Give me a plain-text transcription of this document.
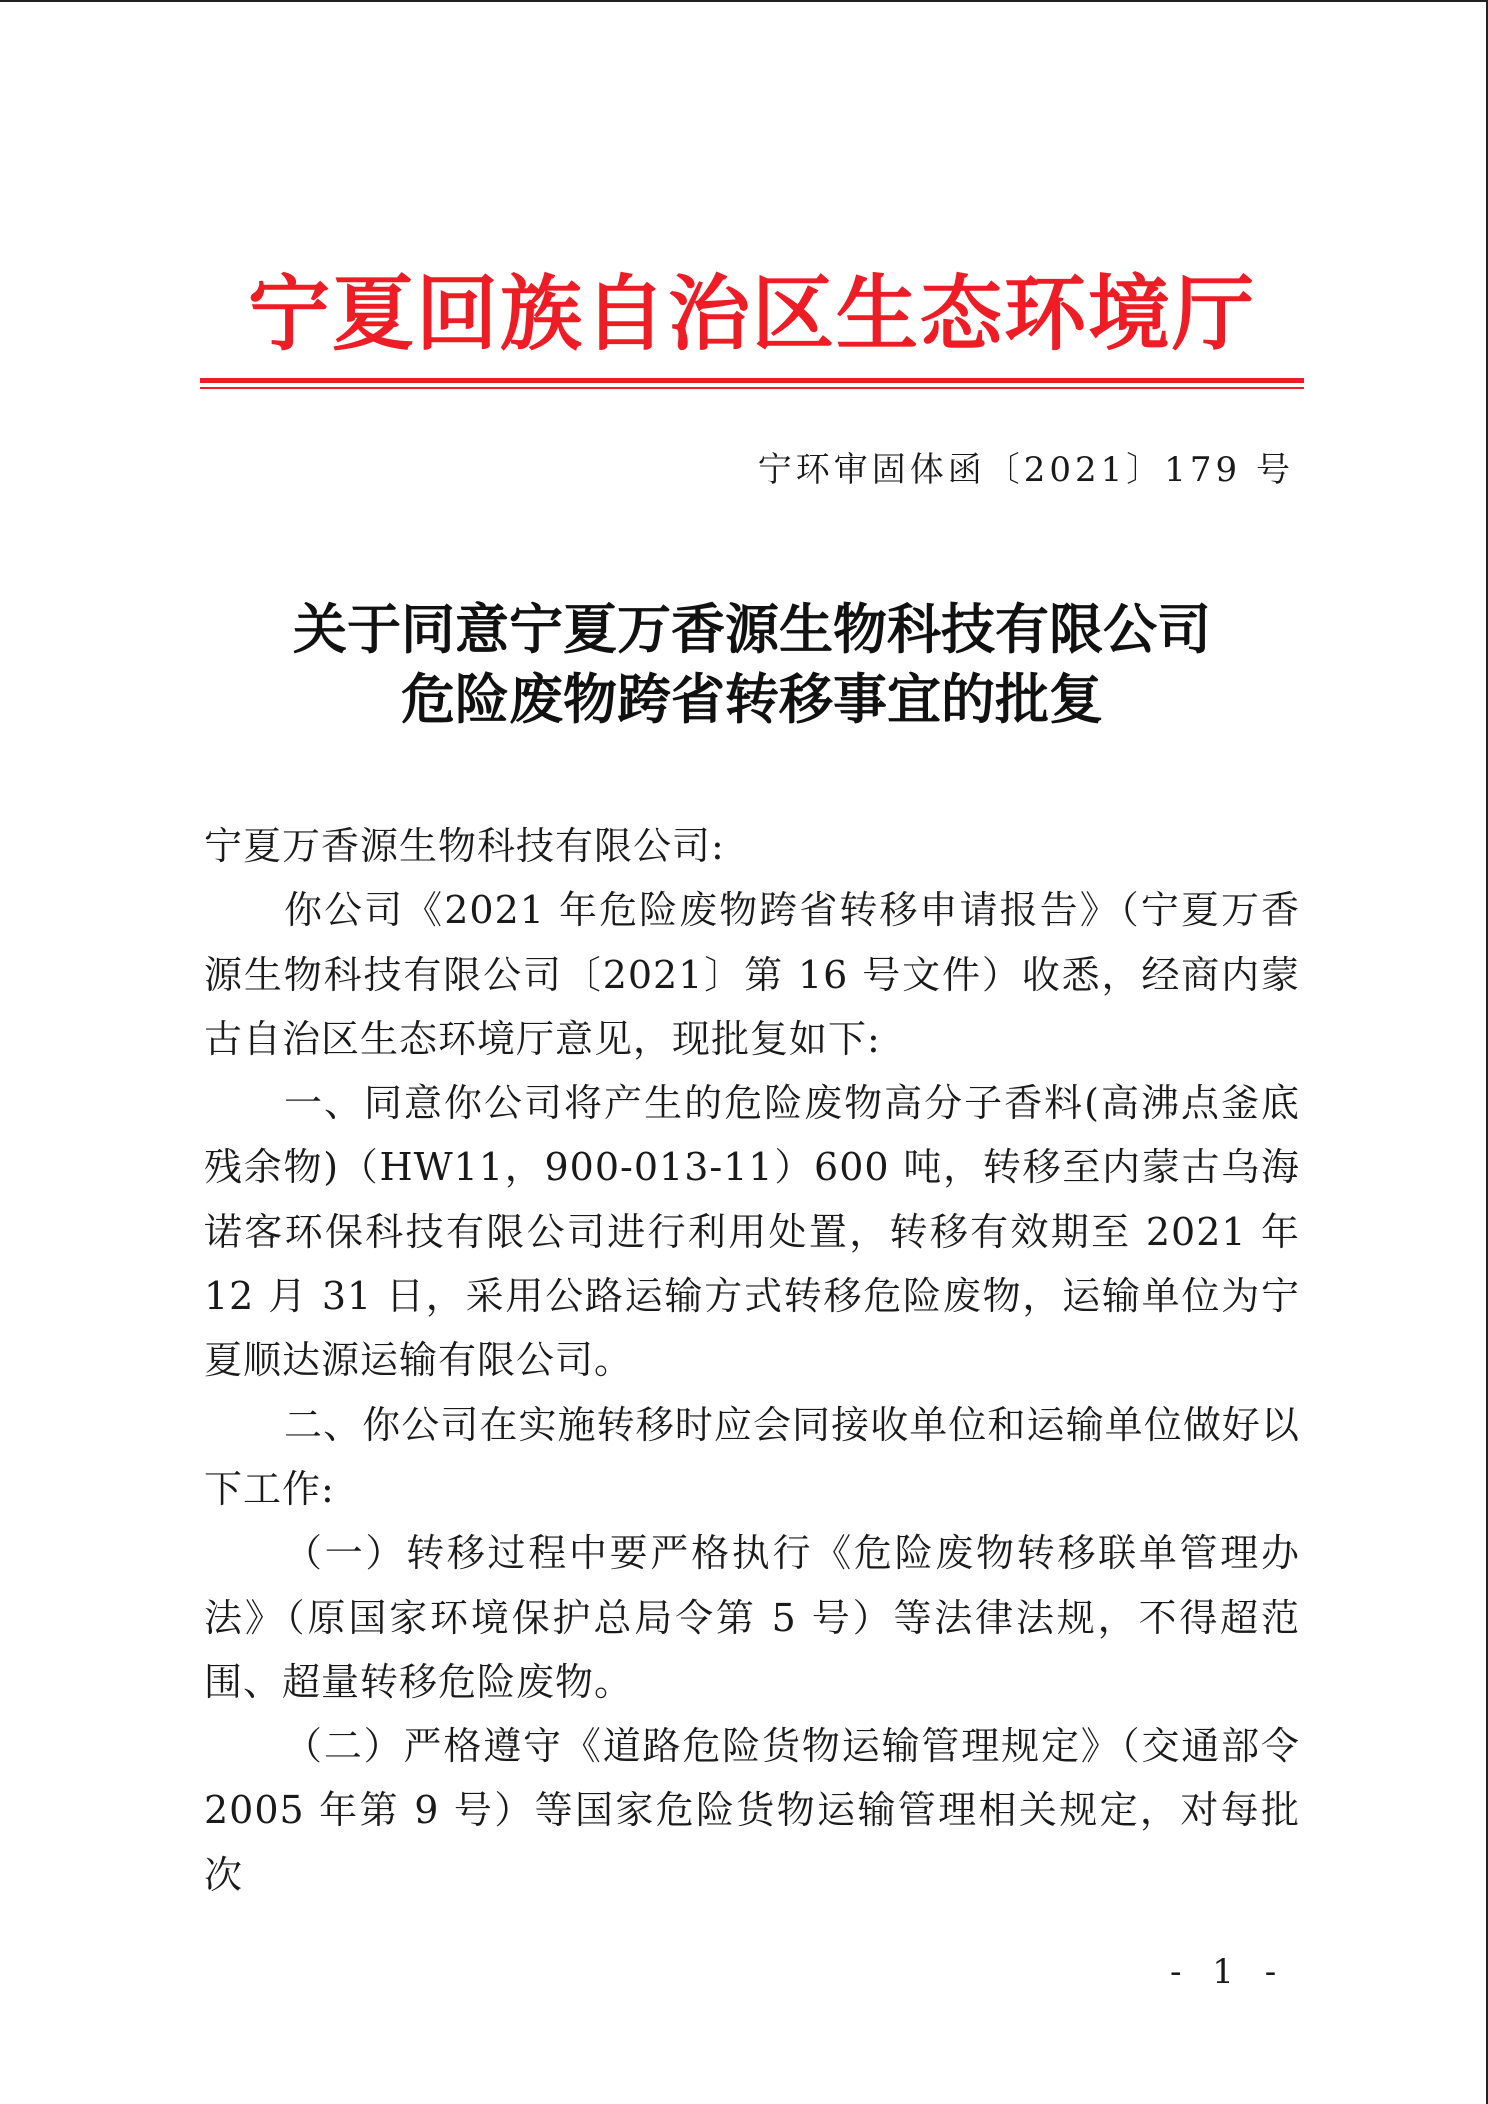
宁夏回族自治区生态环境厅
宁环审固体函〔2021〕179 号
关于同意宁夏万香源生物科技有限公司
危险废物跨省转移事宜的批复

宁夏万香源生物科技有限公司:

你公司《2021 年危险废物跨省转移申请报告》（宁夏万香源生物科技有限公司〔2021〕第 16 号文件）收悉，经商内蒙古自治区生态环境厅意见，现批复如下:

一、同意你公司将产生的危险废物高分子香料(高沸点釜底残余物)（HW11，900-013-11）600 吨，转移至内蒙古乌海诺客环保科技有限公司进行利用处置，转移有效期至 2021 年 12 月 31 日，采用公路运输方式转移危险废物，运输单位为宁夏顺达源运输有限公司。

二、你公司在实施转移时应会同接收单位和运输单位做好以下工作:

（一）转移过程中要严格执行《危险废物转移联单管理办法》（原国家环境保护总局令第 5 号）等法律法规，不得超范围、超量转移危险废物。

（二）严格遵守《道路危险货物运输管理规定》（交通部令 2005 年第 9 号）等国家危险货物运输管理相关规定，对每批次

- 1 -
